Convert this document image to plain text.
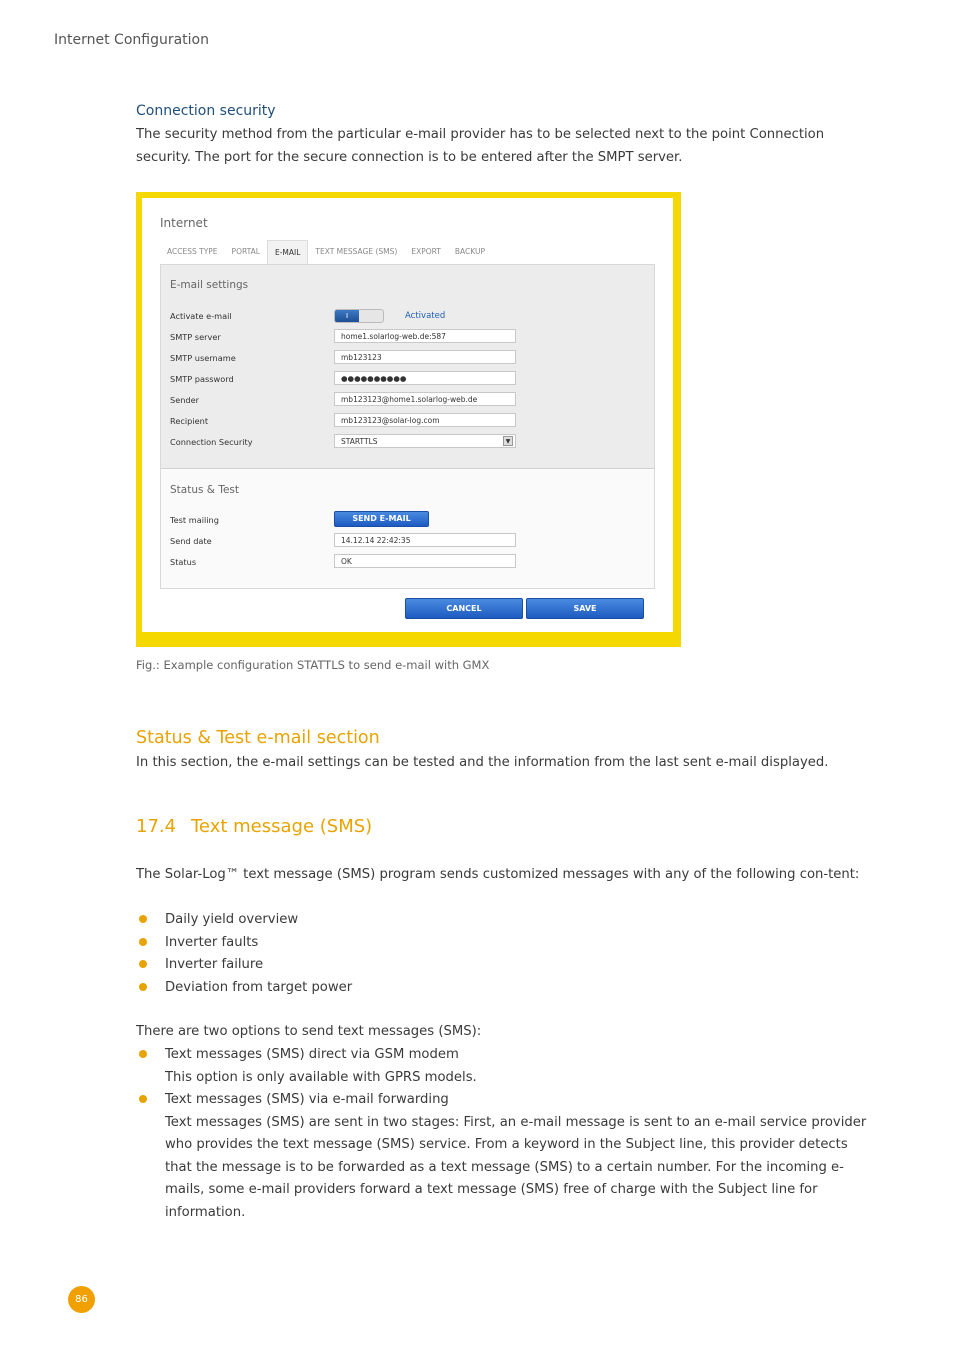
Internet Configuration
Connection security
The security method from the particular e-mail provider has to be selected next to the point Connection security. The port for the secure connection is to be entered after the SMPT server.
Internet
ACCESS TYPE	PORTAL	E-MAIL	TEXT MESSAGE (SMS)	EXPORT	BACKUP
E-mail settings
Activate e-mail	I	Activated
SMTP server	home1.solarlog-web.de:587
SMTP username	mb123123
SMTP password	●●●●●●●●●●
Sender	mb123123@home1.solarlog-web.de
Recipient	mb123123@solar-log.com
Connection Security	STARTTLS	▼
Status & Test
Test mailing	SEND E-MAIL
Send date	14.12.14 22:42:35
Status	OK
CANCEL	SAVE
Fig.: Example configuration STATTLS to send e-mail with GMX
Status & Test e-mail section
In this section, the e-mail settings can be tested and the information from the last sent e-mail displayed.
17.4 Text message (SMS)
The Solar-Log™ text message (SMS) program sends customized messages with any of the following con-tent:
Daily yield overview
Inverter faults
Inverter failure
Deviation from target power
There are two options to send text messages (SMS):
Text messages (SMS) direct via GSM modem
This option is only available with GPRS models.
Text messages (SMS) via e-mail forwarding
Text messages (SMS) are sent in two stages: First, an e-mail message is sent to an e-mail service provider who provides the text message (SMS) service. From a keyword in the Subject line, this provider detects that the message is to be forwarded as a text message (SMS) to a certain number. For the incoming e-mails, some e-mail providers forward a text message (SMS) free of charge with the Subject line for information.
86
